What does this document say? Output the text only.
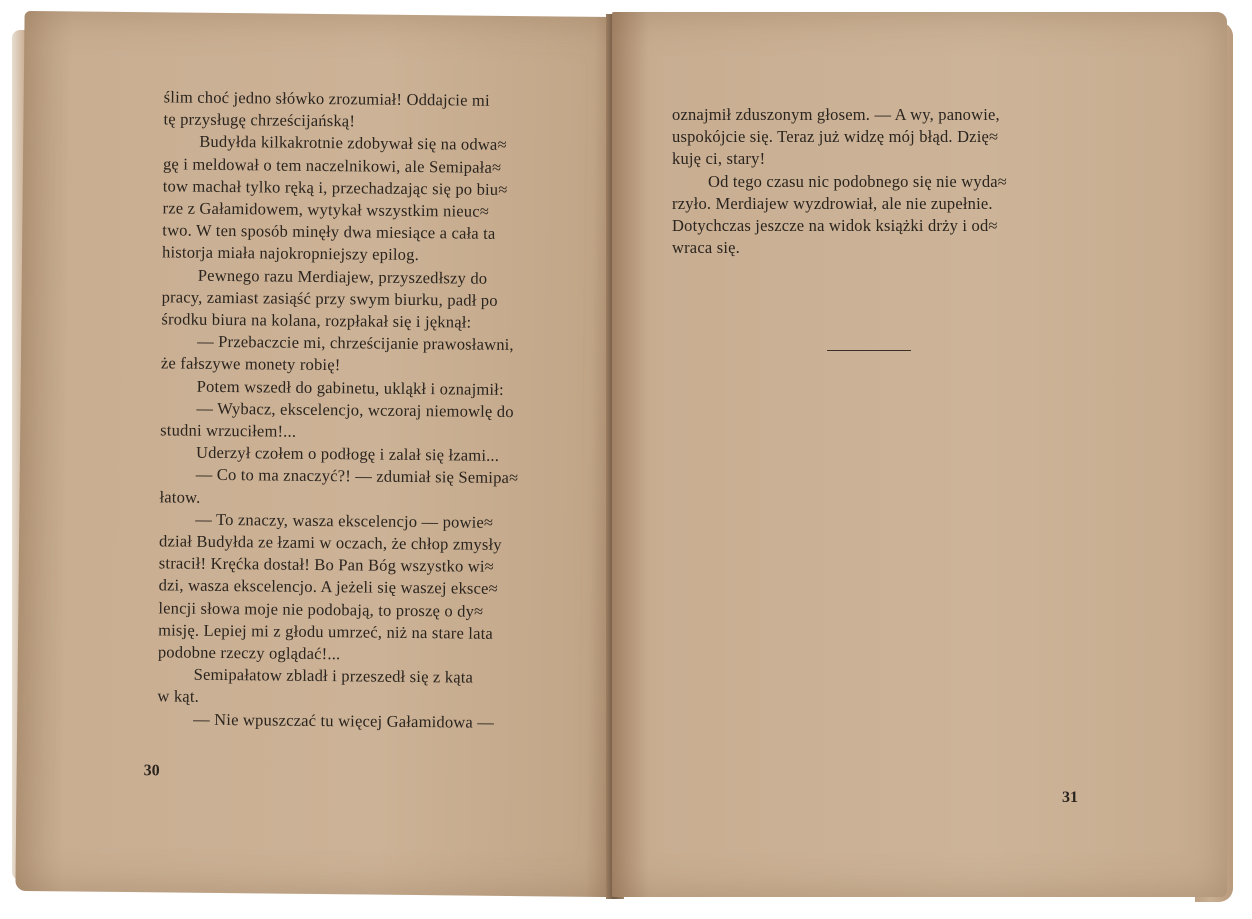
ślim choć jedno słówko zrozumiał! Oddajcie mi
tę przysługę chrześcijańską!
Budyłda kilkakrotnie zdobywał się na odwa≈
gę i meldował o tem naczelnikowi, ale Semipała≈
tow machał tylko ręką i, przechadzając się po biu≈
rze z Gałamidowem, wytykał wszystkim nieuc≈
two. W ten sposób minęły dwa miesiące a cała ta
historja miała najokropniejszy epilog.
Pewnego razu Merdiajew, przyszedłszy do
pracy, zamiast zasiąść przy swym biurku, padł po
środku biura na kolana, rozpłakał się i jęknął:
— Przebaczcie mi, chrześcijanie prawosławni,
że fałszywe monety robię!
Potem wszedł do gabinetu, ukląkł i oznajmił:
— Wybacz, ekscelencjo, wczoraj niemowlę do
studni wrzuciłem!...
Uderzył czołem o podłogę i zalał się łzami...
— Co to ma znaczyć?! — zdumiał się Semipa≈
łatow.
— To znaczy, wasza ekscelencjo — powie≈
dział Budyłda ze łzami w oczach, że chłop zmysły
stracił! Kręćka dostał! Bo Pan Bóg wszystko wi≈
dzi, wasza ekscelencjo. A jeżeli się waszej eksce≈
lencji słowa moje nie podobają, to proszę o dy≈
misję. Lepiej mi z głodu umrzeć, niż na stare lata
podobne rzeczy oglądać!...
Semipałatow zbladł i przeszedł się z kąta
w kąt.
— Nie wpuszczać tu więcej Gałamidowa —
30
oznajmił zduszonym głosem. — A wy, panowie,
uspokójcie się. Teraz już widzę mój błąd. Dzię≈
kuję ci, stary!
Od tego czasu nic podobnego się nie wyda≈
rzyło. Merdiajew wyzdrowiał, ale nie zupełnie.
Dotychczas jeszcze na widok książki drży i od≈
wraca się.
31
